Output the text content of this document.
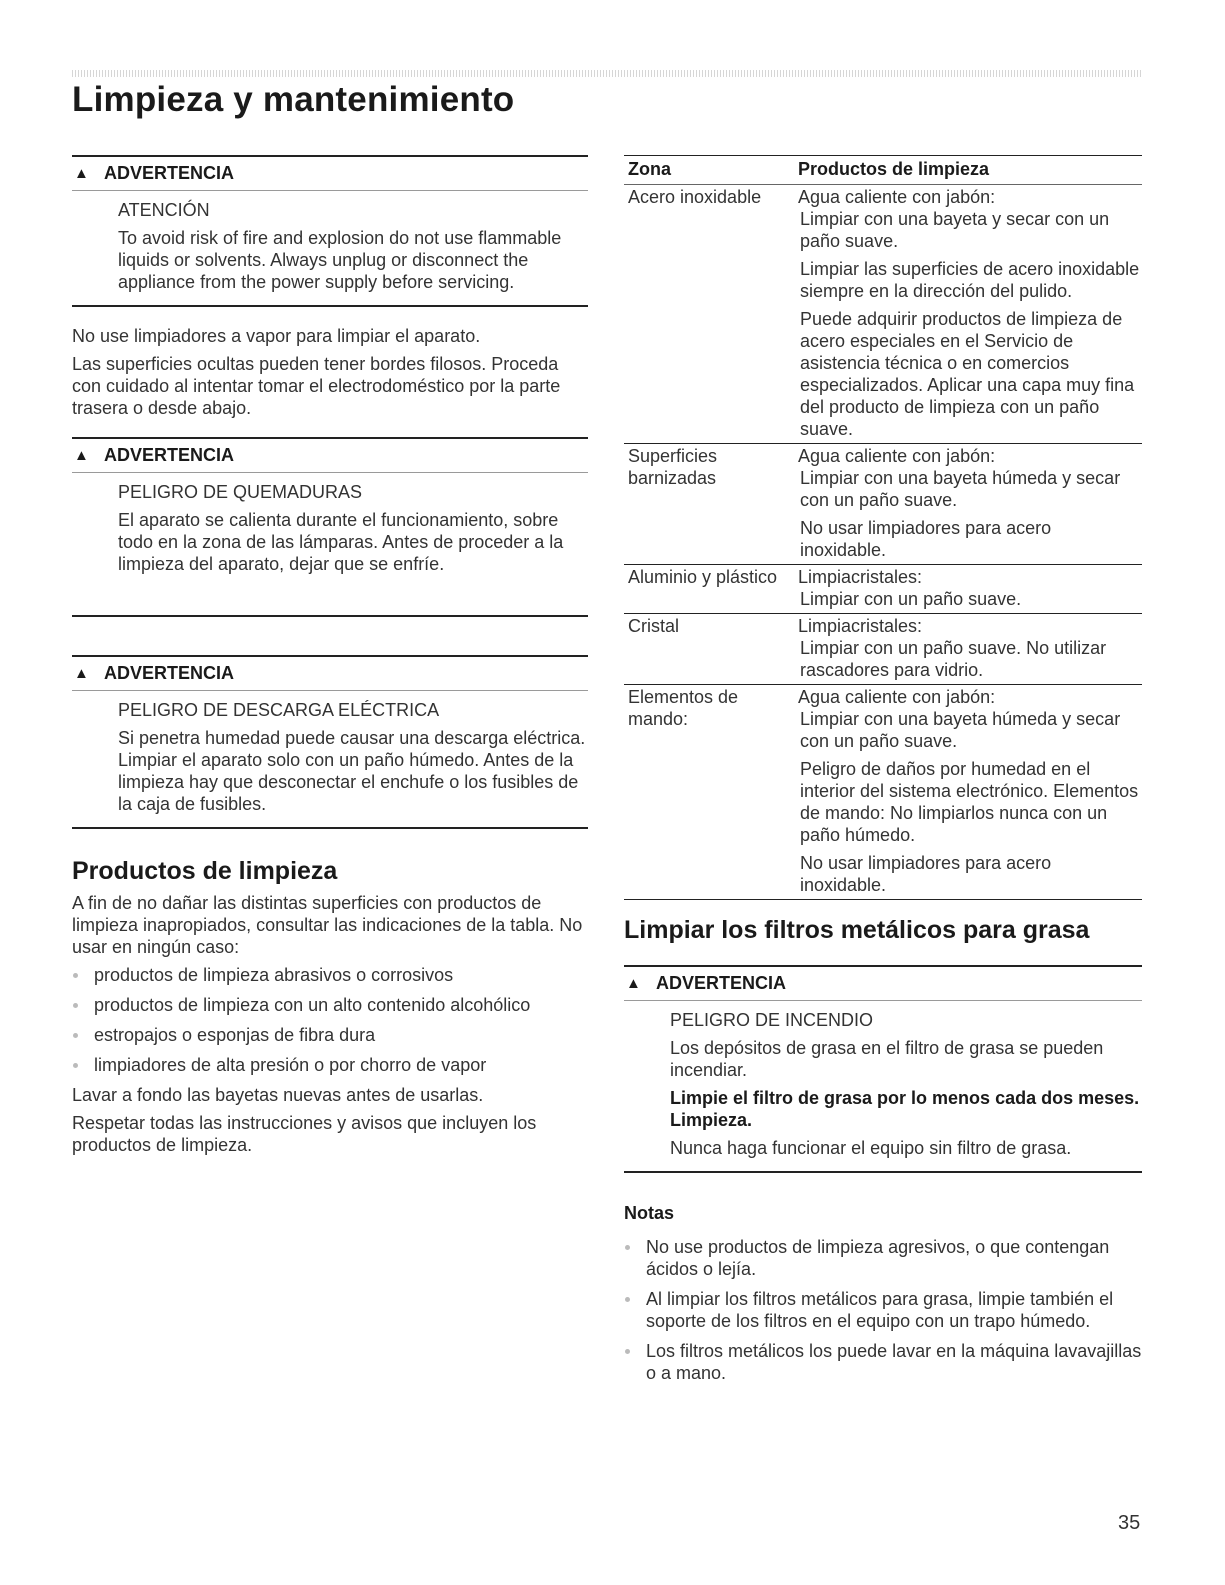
Limpieza y mantenimiento
▲ ADVERTENCIA

ATENCIÓN

To avoid risk of fire and explosion do not use flammable liquids or solvents. Always unplug or disconnect the appliance from the power supply before servicing.

No use limpiadores a vapor para limpiar el aparato.

Las superficies ocultas pueden tener bordes filosos. Proceda con cuidado al intentar tomar el electrodoméstico por la parte trasera o desde abajo.

▲ ADVERTENCIA

PELIGRO DE QUEMADURAS

El aparato se calienta durante el funcionamiento, sobre todo en la zona de las lámparas. Antes de proceder a la limpieza del aparato, dejar que se enfríe.

▲ ADVERTENCIA

PELIGRO DE DESCARGA ELÉCTRICA

Si penetra humedad puede causar una descarga eléctrica. Limpiar el aparato solo con un paño húmedo. Antes de la limpieza hay que desconectar el enchufe o los fusibles de la caja de fusibles.

Productos de limpieza

A fin de no dañar las distintas superficies con productos de limpieza inapropiados, consultar las indicaciones de la tabla. No usar en ningún caso:

productos de limpieza abrasivos o corrosivos
productos de limpieza con un alto contenido alcohólico
estropajos o esponjas de fibra dura
limpiadores de alta presión o por chorro de vapor

Lavar a fondo las bayetas nuevas antes de usarlas.

Respetar todas las instrucciones y avisos que incluyen los productos de limpieza.

Zona	Productos de limpieza
Acero inoxidable	Agua caliente con jabón:

Limpiar con una bayeta y secar con un paño suave.

Limpiar las superficies de acero inoxidable siempre en la dirección del pulido.

Puede adquirir productos de limpieza de acero especiales en el Servicio de asistencia técnica o en comercios especializados. Aplicar una capa muy fina del producto de limpieza con un paño suave.

Superficies barnizadas	Agua caliente con jabón:

Limpiar con una bayeta húmeda y secar con un paño suave.

No usar limpiadores para acero inoxidable.

Aluminio y plástico	Limpiacristales:

Limpiar con un paño suave.

Cristal	Limpiacristales:

Limpiar con un paño suave. No utilizar rascadores para vidrio.

Elementos de mando:	Agua caliente con jabón:

Limpiar con una bayeta húmeda y secar con un paño suave.

Peligro de daños por humedad en el interior del sistema electrónico. Elementos de mando: No limpiarlos nunca con un paño húmedo.

No usar limpiadores para acero inoxidable.

Limpiar los filtros metálicos para grasa
▲ ADVERTENCIA

PELIGRO DE INCENDIO

Los depósitos de grasa en el filtro de grasa se pueden incendiar.

Limpie el filtro de grasa por lo menos cada dos meses. Limpieza.

Nunca haga funcionar el equipo sin filtro de grasa.

Notas
No use productos de limpieza agresivos, o que contengan ácidos o lejía.
Al limpiar los filtros metálicos para grasa, limpie también el soporte de los filtros en el equipo con un trapo húmedo.
Los filtros metálicos los puede lavar en la máquina lavavajillas o a mano.
35
